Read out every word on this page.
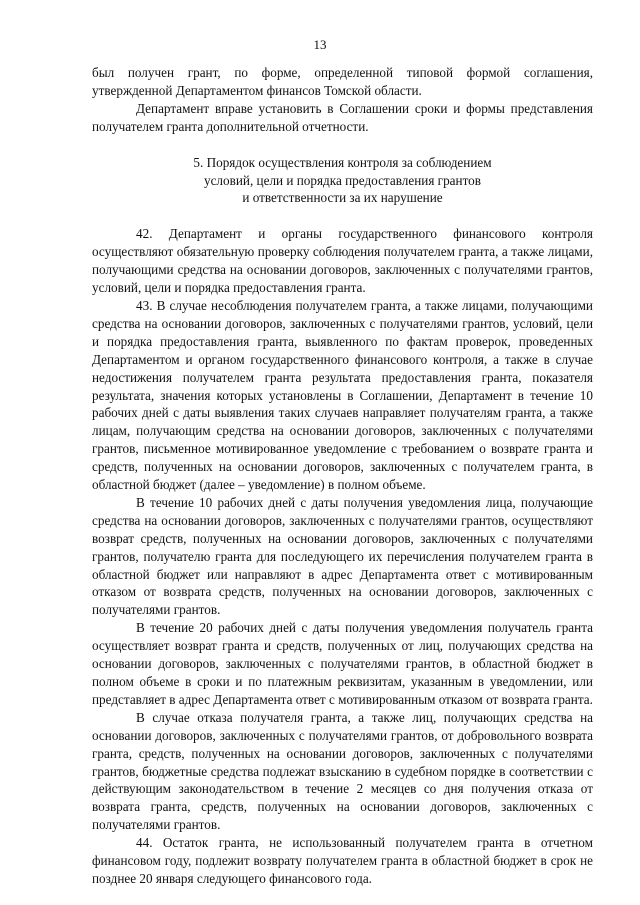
13

был получен грант, по форме, определенной типовой формой соглашения, утвержденной Департаментом финансов Томской области.

Департамент вправе установить в Соглашении сроки и формы представления получателем гранта дополнительной отчетности.

5. Порядок осуществления контроля за соблюдением
условий, цели и порядка предоставления грантов
и ответственности за их нарушение

42. Департамент и органы государственного финансового контроля осуществляют обязательную проверку соблюдения получателем гранта, а также лицами, получающими средства на основании договоров, заключенных с получателями грантов, условий, цели и порядка предоставления гранта.

43. В случае несоблюдения получателем гранта, а также лицами, получающими средства на основании договоров, заключенных с получателями грантов, условий, цели и порядка предоставления гранта, выявленного по фактам проверок, проведенных Департаментом и органом государственного финансового контроля, а также в случае недостижения получателем гранта результата предоставления гранта, показателя результата, значения которых установлены в Соглашении, Департамент в течение 10 рабочих дней с даты выявления таких случаев направляет получателям гранта, а также лицам, получающим средства на основании договоров, заключенных с получателями грантов, письменное мотивированное уведомление с требованием о возврате гранта и средств, полученных на основании договоров, заключенных с получателем гранта, в областной бюджет (далее – уведомление) в полном объеме.

В течение 10 рабочих дней с даты получения уведомления лица, получающие средства на основании договоров, заключенных с получателями грантов, осуществляют возврат средств, полученных на основании договоров, заключенных с получателями грантов, получателю гранта для последующего их перечисления получателем гранта в областной бюджет или направляют в адрес Департамента ответ с мотивированным отказом от возврата средств, полученных на основании договоров, заключенных с получателями грантов.

В течение 20 рабочих дней с даты получения уведомления получатель гранта осуществляет возврат гранта и средств, полученных от лиц, получающих средства на основании договоров, заключенных с получателями грантов, в областной бюджет в полном объеме в сроки и по платежным реквизитам, указанным в уведомлении, или представляет в адрес Департамента ответ с мотивированным отказом от возврата гранта.

В случае отказа получателя гранта, а также лиц, получающих средства на основании договоров, заключенных с получателями грантов, от добровольного возврата гранта, средств, полученных на основании договоров, заключенных с получателями грантов, бюджетные средства подлежат взысканию в судебном порядке в соответствии с действующим законодательством в течение 2 месяцев со дня получения отказа от возврата гранта, средств, полученных на основании договоров, заключенных с получателями грантов.

44. Остаток гранта, не использованный получателем гранта в отчетном финансовом году, подлежит возврату получателем гранта в областной бюджет в срок не позднее 20 января следующего финансового года.
